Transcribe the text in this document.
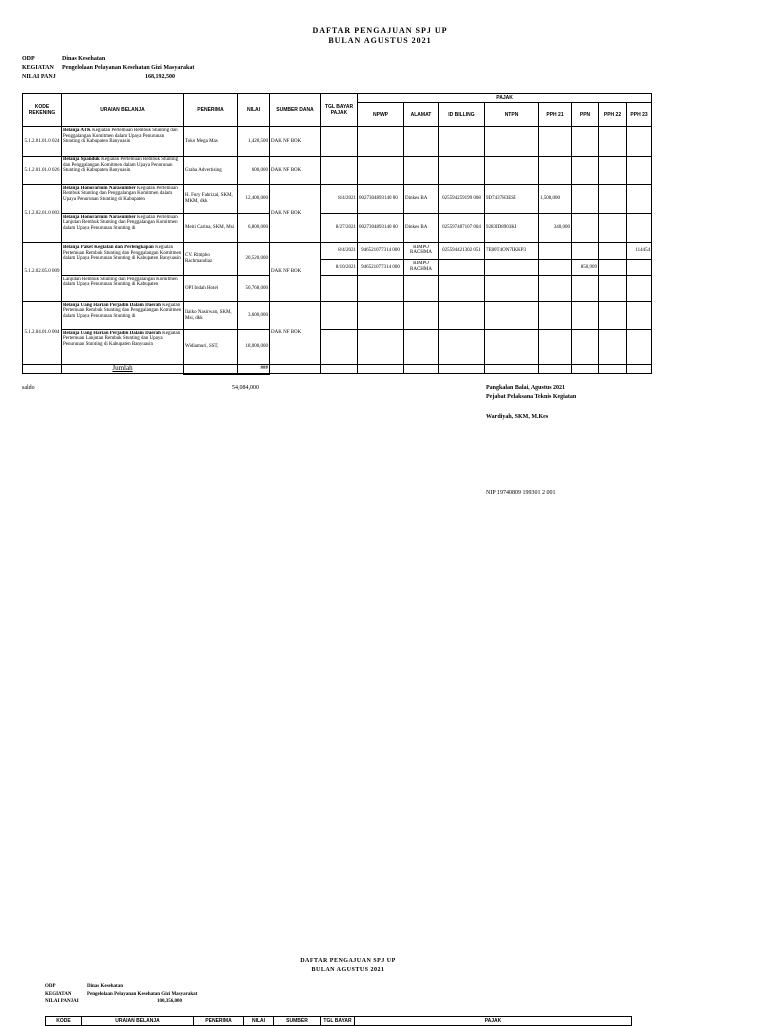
DAFTAR PENGAJUAN SPJ UP
BULAN AGUSTUS 2021
ODP	Dinas Kesehatan
KEGIATAN Pengelolaan Pelayanan Kesehatan Gizi Masyarakat
NILAI PANJ	168,192,500
KODE REKENING	URAIAN BELANJA	PENERIMA	NILAI	SUMBER DANA	TGL BAYAR PAJAK	PAJAK							
						NPWP	ALAMAT	ID BILLING	NTPN	PPH 21	PPN	PPH 22	PPH 23
5.1.2.01.01.0 024	Belanja ATK Kegiatan Pertemuan Rembuk Stunting dan Penggalangan Komitmen dalam Upaya Penurunan Stunting di Kabupaten Banyuasin	Toko Mega Mas	1,420,500	DAK NF BOK									
5.1.2.01.01.0 026	Belanja Spanduk Kegiatan Pertemuan Rembuk Stunting dan Penggalangan Komitmen dalam Upaya Penurunan Stunting di Kabupaten Banyuasin	Graha Advertising	600,000	DAK NF BOK									
5.1.2.02.01.0 003	Belanja Honorarium Narasumber Kegiatan Pertemuan Rembuk Stunting dan Penggalangan Komitmen dalam Upaya Penurunan Stunting di Kabupaten	H. Fury Fahrizal, SKM, MKM, dkk	12,400,000	DAK NF BOK	8/4/2021	0027304893140 00	Dinkes BA	025594259199 008	9D7437H3ESI	1,500,000			

	Belanja Honorarium Narasumber Kegiatan Pertemuan Lanjutan Rembuk Stunting dan Penggalangan Komitmen dalam Upaya Penurunan Stunting di	Meiti Carina, SKM, Msi	6,800,000		8/27/2021	0027304893140 00	Dinkes BA	025597487107 004	9283ID8903KI	340,000			
5.1.2.02.05.0 009	Belanja Paket Kegiatan dan Perlengkapan Kegiatan Pertemuan Rembuk Stunting dan Penggalangan Komitmen dalam Upaya Penurunan Stunting di Kabupaten Banyuasin	CV. Rimpho Rachmandiaz	20,520,000	DAK NF BOK	8/4/2021	946521077314 000	RIMPO RACHMA	025594421302 051	7E80T4ON7IKKP3				114454
					8/10/2021	946521077314 000	RIMPO RACHMA				850,909		

	Lanjutan Rembuk Stunting dan Penggalangan Komitmen dalam Upaya Penurunan Stunting di Kabupaten	OPI Indah Hotel	50,768,000										
5.1.2.04.01.0 004	Belanja Uang Harian Perjadin Dalam Daerah Kegiatan Pertemuan Rembuk Stunting dan Penggalangan Komitmen dalam Upaya Penurunan Stunting di	Ilaiko Nasirwan, SKM, Msi, dkk	3,600,000	DAK NF BOK									

	Belanja Uang Harian Perjadin Dalam Daerah Kegiatan Pertemuan Lanjutan Rembuk Stunting dan Upaya Penurunan Stunting di Kabupaten Banyuasin	Widiamuri, SST,	18,000,000										
	Jumlah		###										
saldo	54,084,000	Pangkalan Balai, Agustus 2021
Pejabat Pelaksana Teknis Kegiatan
Wardiyah, SKM, M.Kes
NIP 19740809 199301 2 001
DAFTAR PENGAJUAN SPJ UP
BULAN AGUSTUS 2021
ODP	Dinas Kesehatan
KEGIATAN	Pengelolaan Pelayanan Kesehatan Gizi Masyarakat
NILAI PANJAI	100,356,000
KODE	URAIAN BELANJA	PENERIMA	NILAI	SUMBER	TGL BAYAR	PAJAK
